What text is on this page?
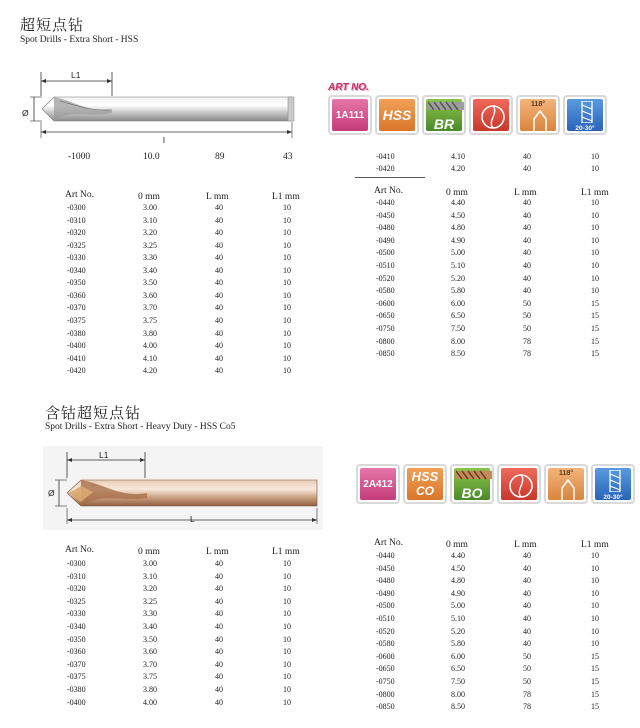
超短点钻
Spot Drills - Extra Short - HSS
L1
Ø
l
-1000	10.0	89	43
ART NO.
1A111	HSS
BR
118°
20-30°
Art No.	0 mm	L mm	L1 mm
-0300	3.00	40	10
-0310	3.10	40	10
-0320	3.20	40	10
-0325	3.25	40	10
-0330	3.30	40	10
-0340	3.40	40	10
-0350	3.50	40	10
-0360	3.60	40	10
-0370	3.70	40	10
-0375	3.75	40	10
-0380	3.80	40	10
-0400	4.00	40	10
-0410	4.10	40	10
-0420	4.20	40	10
-0410	4.10	40	10
-0420	4.20	40	10
Art No.	0 mm	L mm	L1 mm
-0440	4.40	40	10
-0450	4.50	40	10
-0480	4.80	40	10
-0490	4.90	40	10
-0500	5.00	40	10
-0510	5.10	40	10
-0520	5.20	40	10
-0580	5.80	40	10
-0600	6.00	50	15
-0650	6.50	50	15
-0750	7.50	50	15
-0800	8.00	78	15
-0850	8.50	78	15
含钴超短点钻
Spot Drills - Extra Short - Heavy Duty - HSS Co5
L1
Ø
L
2A412
HSS
CO	BO
118°
20-30°
Art No.	0 mm	L mm	L1 mm
-0300	3.00	40	10
-0310	3.10	40	10
-0320	3.20	40	10
-0325	3.25	40	10
-0330	3.30	40	10
-0340	3.40	40	10
-0350	3.50	40	10
-0360	3.60	40	10
-0370	3.70	40	10
-0375	3.75	40	10
-0380	3.80	40	10
-0400	4.00	40	10
Art No.	0 mm	L mm	L1 mm
-0440	4.40	40	10
-0450	4.50	40	10
-0480	4.80	40	10
-0490	4.90	40	10
-0500	5.00	40	10
-0510	5.10	40	10
-0520	5.20	40	10
-0580	5.80	40	10
-0600	6.00	50	15
-0650	6.50	50	15
-0750	7.50	50	15
-0800	8.00	78	15
-0850	8.50	78	15
